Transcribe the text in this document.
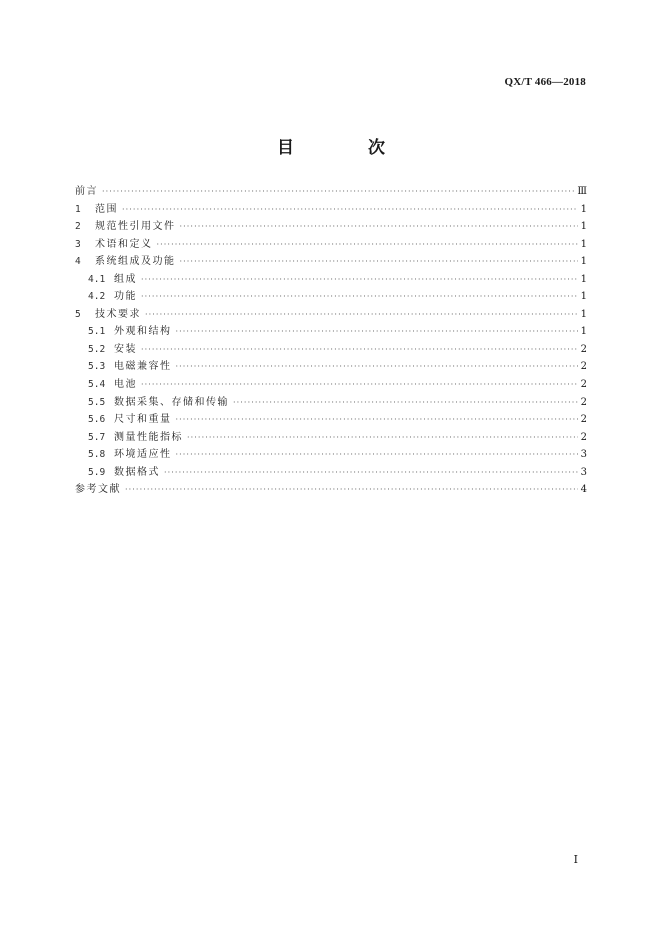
QX/T 466—2018
目 次
前言 ·····	Ⅲ
1	范围 ·····	1
2	规范性引用文件 ·····	1
3	术语和定义 ·····	1
4	系统组成及功能 ·····	1
4.1 组成 ·····	1
4.2 功能 ·····	1
5	技术要求 ·····	1
5.1 外观和结构 ·····	1
5.2 安装 ·····	2
5.3 电磁兼容性 ·····	2
5.4 电池 ·····	2
5.5 数据采集、存储和传输 ·····	2
5.6 尺寸和重量 ·····	2
5.7 测量性能指标 ·····	2
5.8 环境适应性 ·····	3
5.9 数据格式 ·····	3
参考文献 ·····	4
Ⅰ
